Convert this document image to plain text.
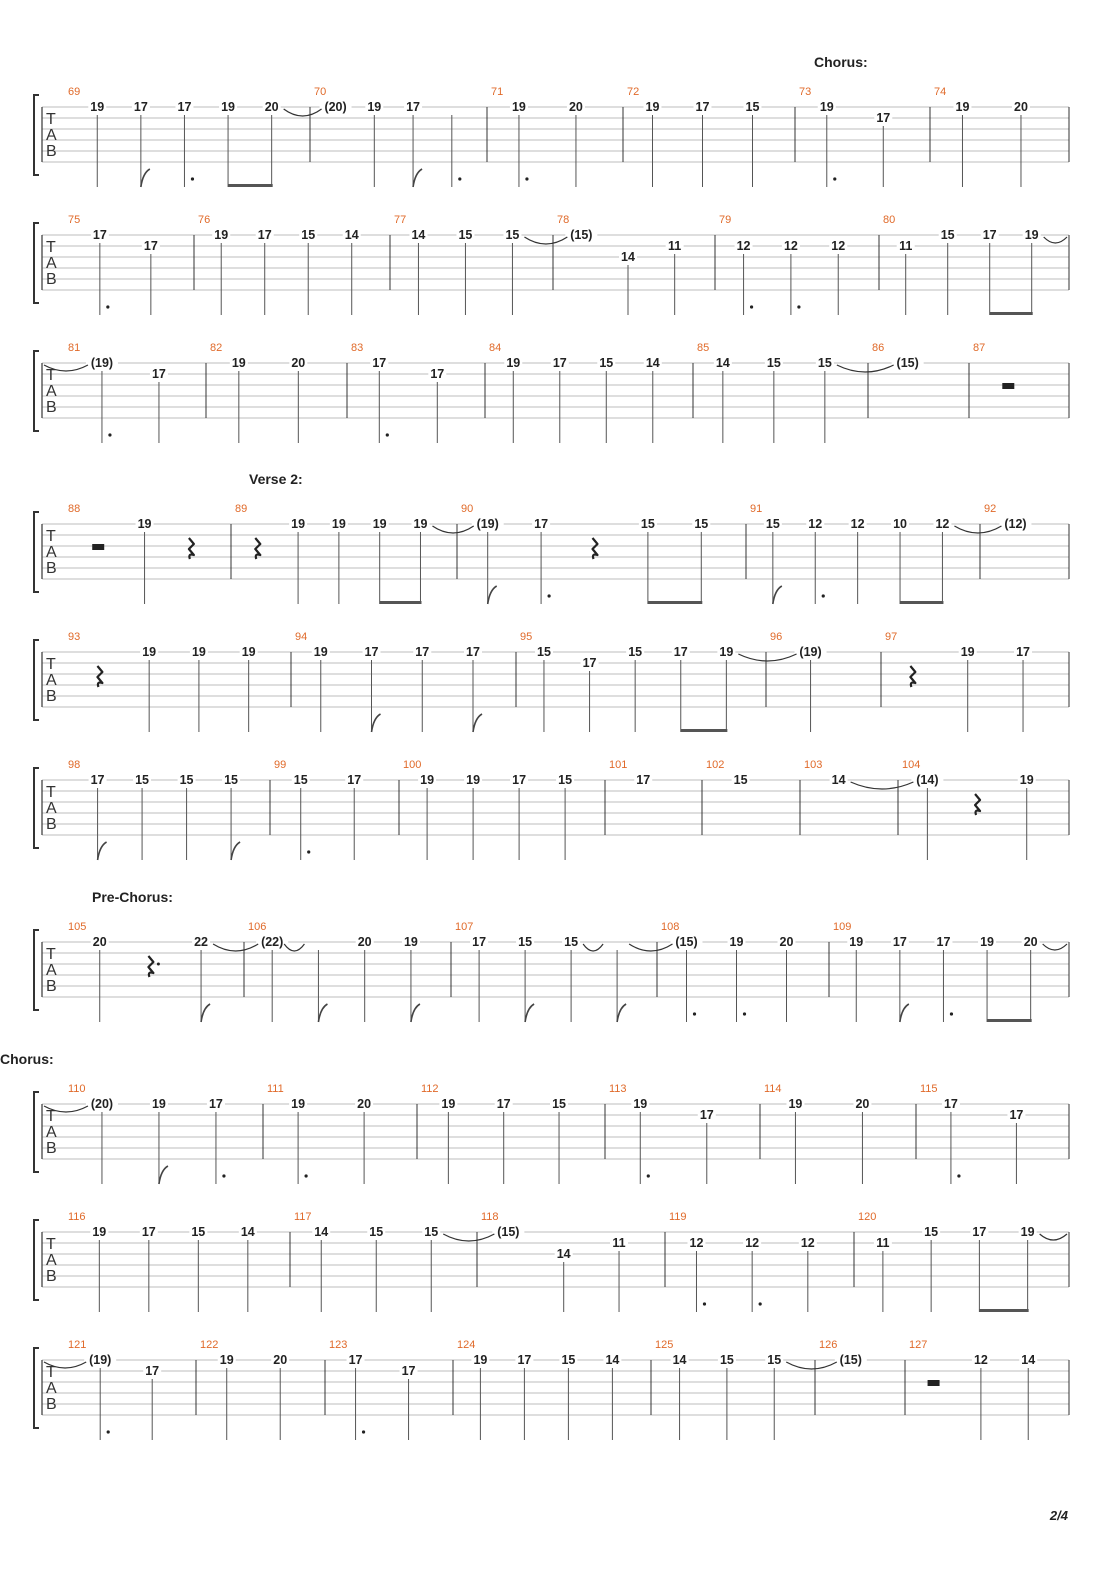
Chorus:
T
A
B
69
19 17 17 19 20
70
(20) 19 17
71
19	20
72
19	17	15
73
19
17
74
19	20
T
A
B
75
17
17
76
19 17 15 14
77
14	15	15
78
(15)
14
11
79
12	12	12
80
11
15 17 19
T
A
B
81
(19)
17
82
19	20
83
17
17
84
19	17	15	14
85
14	15	15
86
(15)
87
Verse 2:
T
A
B
88
19
89
19 19 19 19
90
(19)	17	15	15
91
15 12 12 10 12
92
(12)
T
A
B
93
19	19	19
94
19	17	17	17
95
15
17
15	17	19
96
(19)
97
19	17
T
A
B
98
17 15 15 15
99
15	17
100
19	19	17	15
101
17
102
15
103
14
104
(14)	19
Pre-Chorus:
T
A
B
105
20	22
106
(22)	20	19
107
17	15	15
108
(15)	19	20
109
19 17 17 19 20
Chorus:
T
A
B
110
(20)	19	17
111
19	20
112
19	17	15
113
19
17
114
19	20
115
17
17
T
A
B
116
19	17	15	14
117
14	15	15
118
(15)
14
11
119
12	12	12
120
11
15	17	19
T
A
B
121
(19)
17
122
19	20
123
17
17
124
19 17 15 14
125
14	15	15
126
(15)
127
12	14
2/4
